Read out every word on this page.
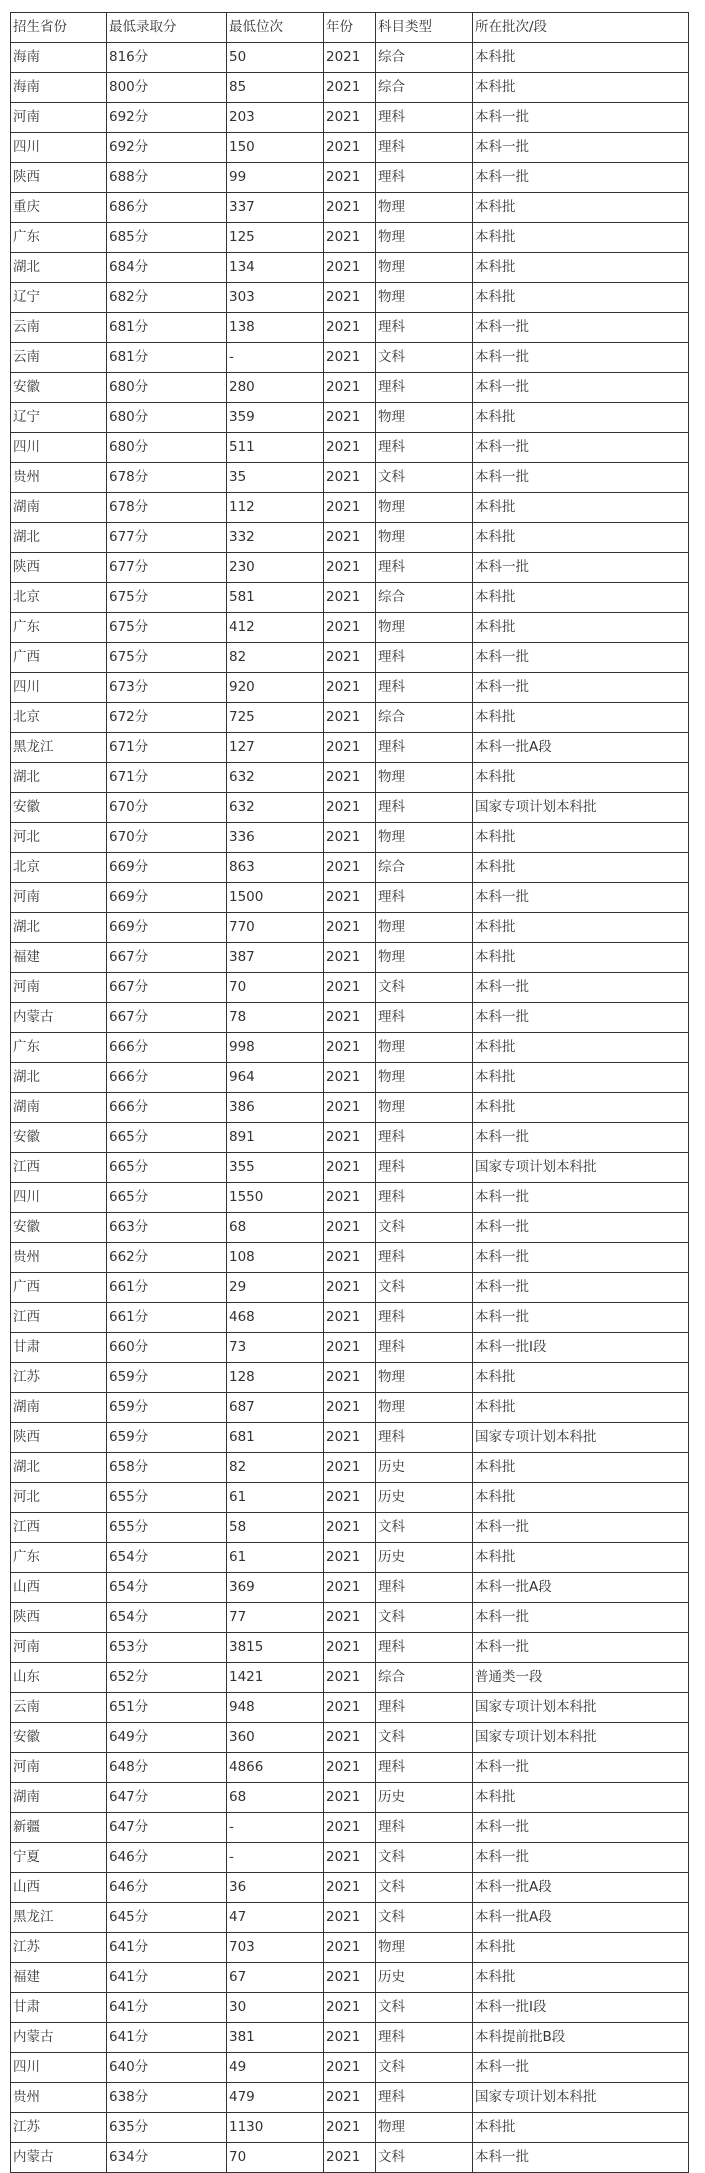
招生省份	最低录取分	最低位次	年份	科目类型	所在批次/段
海南	816分	50	2021	综合	本科批
海南	800分	85	2021	综合	本科批
河南	692分	203	2021	理科	本科一批
四川	692分	150	2021	理科	本科一批
陕西	688分	99	2021	理科	本科一批
重庆	686分	337	2021	物理	本科批
广东	685分	125	2021	物理	本科批
湖北	684分	134	2021	物理	本科批
辽宁	682分	303	2021	物理	本科批
云南	681分	138	2021	理科	本科一批
云南	681分	-	2021	文科	本科一批
安徽	680分	280	2021	理科	本科一批
辽宁	680分	359	2021	物理	本科批
四川	680分	511	2021	理科	本科一批
贵州	678分	35	2021	文科	本科一批
湖南	678分	112	2021	物理	本科批
湖北	677分	332	2021	物理	本科批
陕西	677分	230	2021	理科	本科一批
北京	675分	581	2021	综合	本科批
广东	675分	412	2021	物理	本科批
广西	675分	82	2021	理科	本科一批
四川	673分	920	2021	理科	本科一批
北京	672分	725	2021	综合	本科批
黑龙江	671分	127	2021	理科	本科一批A段
湖北	671分	632	2021	物理	本科批
安徽	670分	632	2021	理科	国家专项计划本科批
河北	670分	336	2021	物理	本科批
北京	669分	863	2021	综合	本科批
河南	669分	1500	2021	理科	本科一批
湖北	669分	770	2021	物理	本科批
福建	667分	387	2021	物理	本科批
河南	667分	70	2021	文科	本科一批
内蒙古	667分	78	2021	理科	本科一批
广东	666分	998	2021	物理	本科批
湖北	666分	964	2021	物理	本科批
湖南	666分	386	2021	物理	本科批
安徽	665分	891	2021	理科	本科一批
江西	665分	355	2021	理科	国家专项计划本科批
四川	665分	1550	2021	理科	本科一批
安徽	663分	68	2021	文科	本科一批
贵州	662分	108	2021	理科	本科一批
广西	661分	29	2021	文科	本科一批
江西	661分	468	2021	理科	本科一批
甘肃	660分	73	2021	理科	本科一批I段
江苏	659分	128	2021	物理	本科批
湖南	659分	687	2021	物理	本科批
陕西	659分	681	2021	理科	国家专项计划本科批
湖北	658分	82	2021	历史	本科批
河北	655分	61	2021	历史	本科批
江西	655分	58	2021	文科	本科一批
广东	654分	61	2021	历史	本科批
山西	654分	369	2021	理科	本科一批A段
陕西	654分	77	2021	文科	本科一批
河南	653分	3815	2021	理科	本科一批
山东	652分	1421	2021	综合	普通类一段
云南	651分	948	2021	理科	国家专项计划本科批
安徽	649分	360	2021	文科	国家专项计划本科批
河南	648分	4866	2021	理科	本科一批
湖南	647分	68	2021	历史	本科批
新疆	647分	-	2021	理科	本科一批
宁夏	646分	-	2021	文科	本科一批
山西	646分	36	2021	文科	本科一批A段
黑龙江	645分	47	2021	文科	本科一批A段
江苏	641分	703	2021	物理	本科批
福建	641分	67	2021	历史	本科批
甘肃	641分	30	2021	文科	本科一批I段
内蒙古	641分	381	2021	理科	本科提前批B段
四川	640分	49	2021	文科	本科一批
贵州	638分	479	2021	理科	国家专项计划本科批
江苏	635分	1130	2021	物理	本科批
内蒙古	634分	70	2021	文科	本科一批
